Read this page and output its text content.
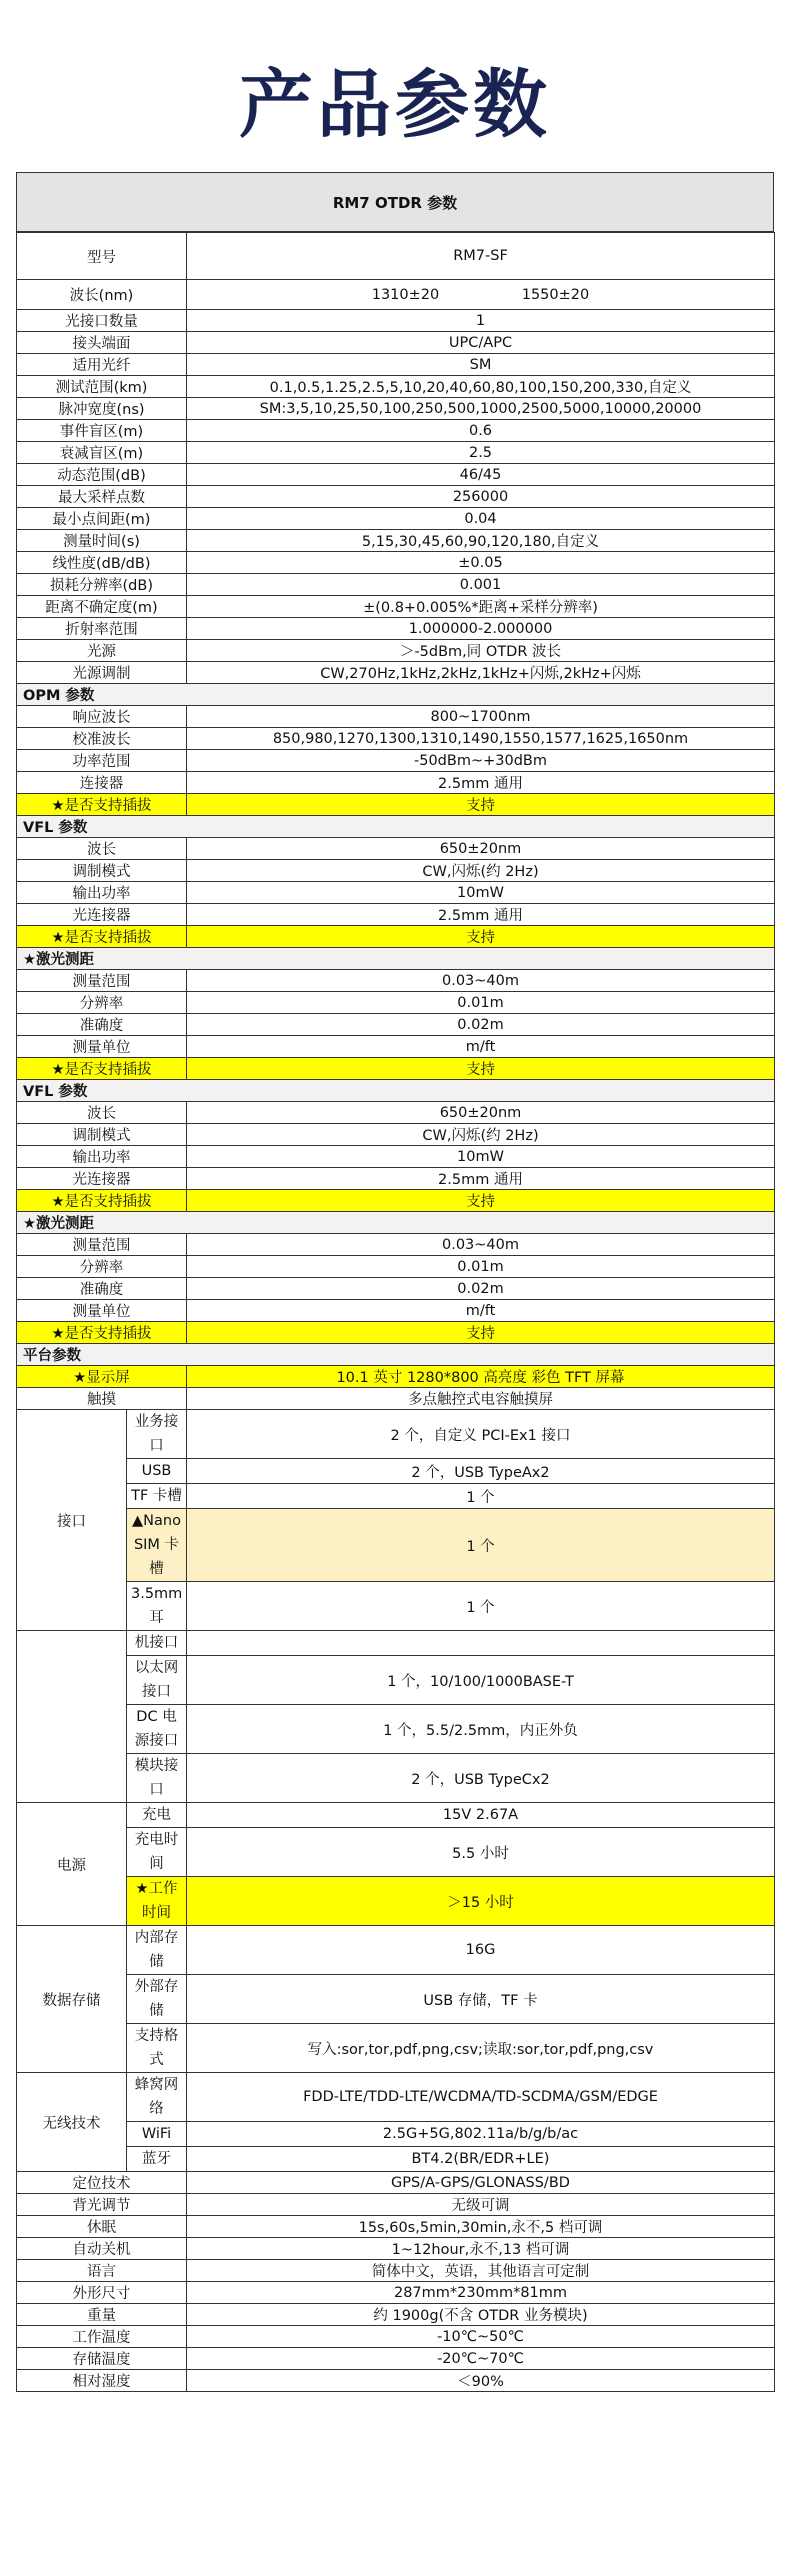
产品参数
RM7 OTDR 参数
型号		RM7-SF
波长(nm)		1310±20 1550±20
光接口数量		1
接头端面		UPC/APC
适用光纤		SM
测试范围(km)		0.1,0.5,1.25,2.5,5,10,20,40,60,80,100,150,200,330,自定义
脉冲宽度(ns)		SM:3,5,10,25,50,100,250,500,1000,2500,5000,10000,20000
事件盲区(m)		0.6
衰减盲区(m)		2.5
动态范围(dB)		46/45
最大采样点数		256000
最小点间距(m)		0.04
测量时间(s)		5,15,30,45,60,90,120,180,自定义
线性度(dB/dB)		±0.05
损耗分辨率(dB)		0.001
距离不确定度(m)		±(0.8+0.005%*距离+采样分辨率)
折射率范围		1.000000-2.000000
光源		＞-5dBm,同 OTDR 波长
光源调制		CW,270Hz,1kHz,2kHz,1kHz+闪烁,2kHz+闪烁
OPM 参数		
响应波长		800~1700nm
校准波长		850,980,1270,1300,1310,1490,1550,1577,1625,1650nm
功率范围		-50dBm~+30dBm
连接器		2.5mm 通用
★是否支持插拔		支持
VFL 参数		
波长		650±20nm
调制模式		CW,闪烁(约 2Hz)
输出功率		10mW
光连接器		2.5mm 通用
★是否支持插拔		支持
★激光测距		
测量范围		0.03~40m
分辨率		0.01m
准确度		0.02m
测量单位		m/ft
★是否支持插拔		支持
VFL 参数		
波长		650±20nm
调制模式		CW,闪烁(约 2Hz)
输出功率		10mW
光连接器		2.5mm 通用
★是否支持插拔		支持
★激光测距		
测量范围		0.03~40m
分辨率		0.01m
准确度		0.02m
测量单位		m/ft
★是否支持插拔		支持
平台参数		
★显示屏		10.1 英寸 1280*800 高亮度 彩色 TFT 屏幕
触摸		多点触控式电容触摸屏
接口	业务接口	2 个，自定义 PCI-Ex1 接口
	USB	2 个，USB TypeAx2
	TF 卡槽	1 个
	▲Nano SIM 卡槽	1 个
	3.5mm 耳	1 个
	机接口	
	以太网接口	1 个，10/100/1000BASE-T
	DC 电源接口	1 个，5.5/2.5mm，内正外负
	模块接口	2 个，USB TypeCx2
电源	充电	15V 2.67A
	充电时间	5.5 小时
	★工作时间	＞15 小时
数据存储	内部存储	16G
	外部存储	USB 存储，TF 卡
	支持格式	写入:sor,tor,pdf,png,csv;读取:sor,tor,pdf,png,csv
无线技术	蜂窝网络	FDD-LTE/TDD-LTE/WCDMA/TD-SCDMA/GSM/EDGE
	WiFi	2.5G+5G,802.11a/b/g/b/ac
	蓝牙	BT4.2(BR/EDR+LE)
定位技术		GPS/A-GPS/GLONASS/BD
背光调节		无级可调
休眠		15s,60s,5min,30min,永不,5 档可调
自动关机		1~12hour,永不,13 档可调
语言		简体中文，英语，其他语言可定制
外形尺寸		287mm*230mm*81mm
重量		约 1900g(不含 OTDR 业务模块)
工作温度		-10℃~50℃
存储温度		-20℃~70℃
相对湿度		＜90%
